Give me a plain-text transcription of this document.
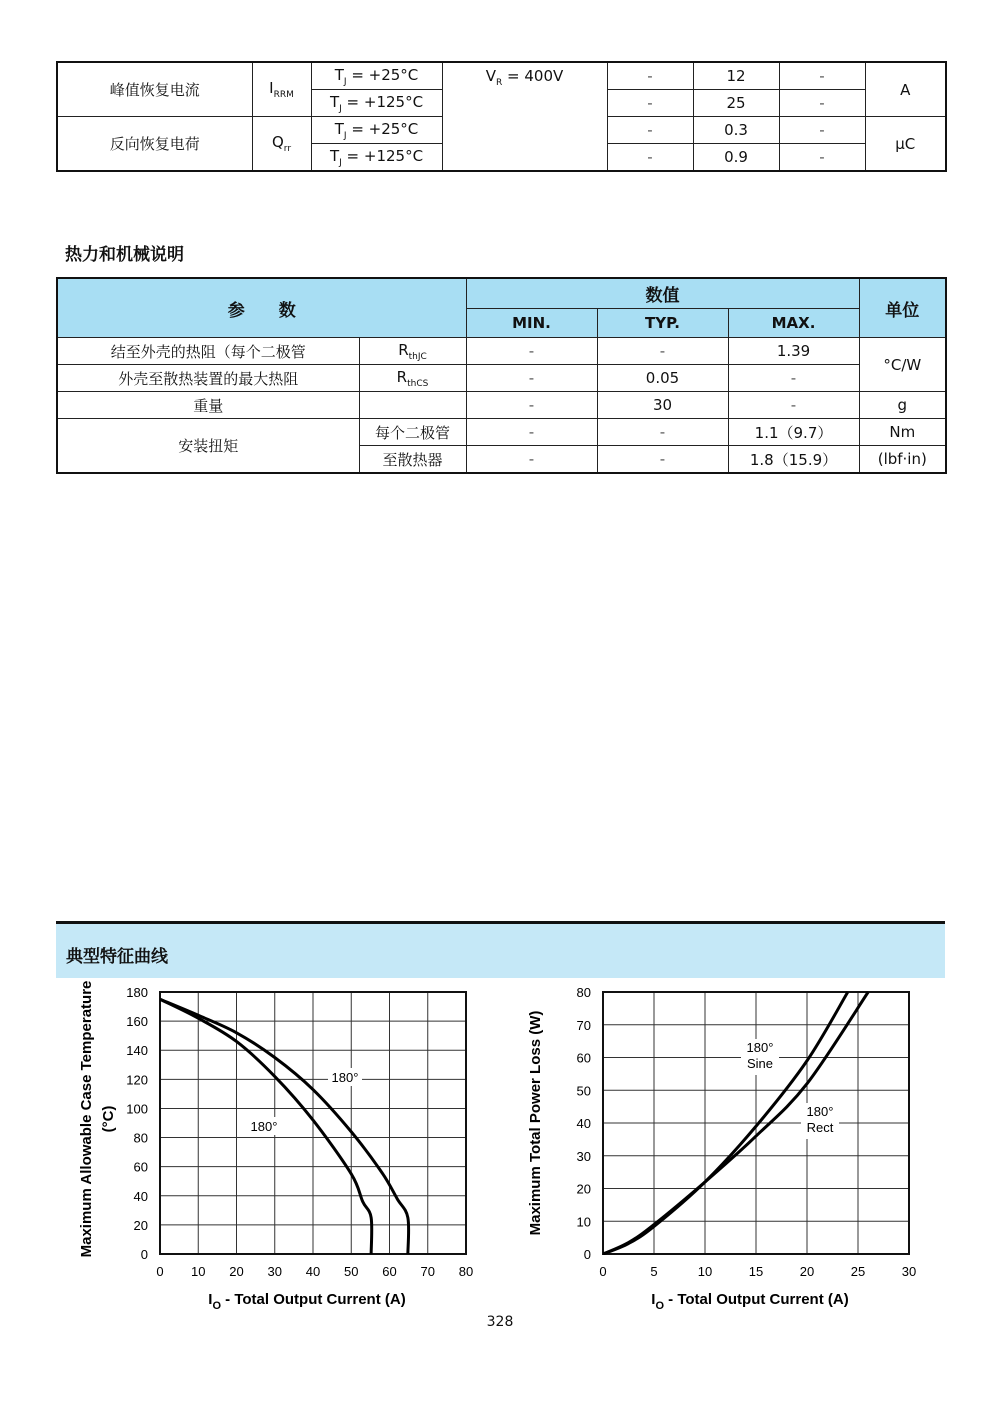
峰值恢复电流	$I_{RRM}$	$T_J = +25^\circ C$	$V_R = 400V$	-	12	-	A
		$T_J = +125^\circ C$		-	25	-	
反向恢复电荷	$Q_{rr}$	$T_J = +25^\circ C$		-	0.3	-	µC
		$T_J = +125^\circ C$		-	0.9	-	
热力和机械说明
参　　数		数值			单位
		MIN.	TYP.	MAX.	
结至外壳的热阻（每个二极管	$R_{thJC}$	-	-	1.39	°C/W
外壳至散热装置的最大热阻	$R_{thCS}$	-	0.05	-	
重量		-	30	-	g
安装扭矩	每个二极管	-	-	1.1（9.7）	Nm
	至散热器	-	-	1.8（15.9）	(lbf·in)
典型特征曲线
0 10 20 30 40 50 60 70 80
0
20
40
60
80
100
120
140
160
180
180°
180°
$I_O$ - Total Output Current (A)
Maximum Allowable Case Temperature (°C)
0	5	10	15	20	25	30
0
10
20
30
40
50
60
70
80
180°
Sine
180°
Rect
$I_O$ - Total Output Current (A)
Maximum Total Power Loss (W)
328
